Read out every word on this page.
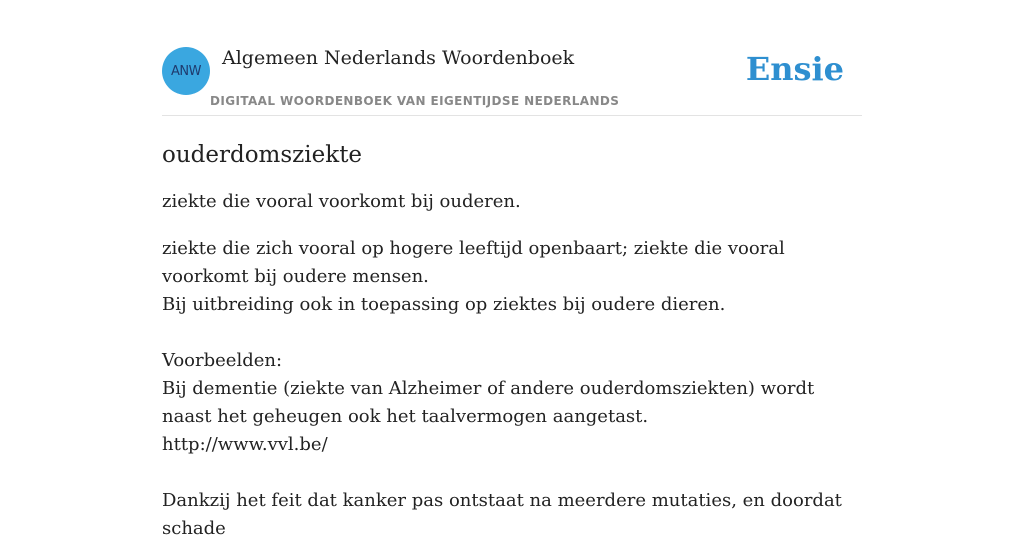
ANW
Algemeen Nederlands Woordenboek
DIGITAAL WOORDENBOEK VAN EIGENTIJDSE NEDERLANDS
Ensie
ouderdomsziekte
ziekte die vooral voorkomt bij ouderen.
ziekte die zich vooral op hogere leeftijd openbaart; ziekte die vooral voorkomt bij oudere mensen.
Bij uitbreiding ook in toepassing op ziektes bij oudere dieren.
Voorbeelden:
Bij dementie (ziekte van Alzheimer of andere ouderdomsziekten) wordt naast het geheugen ook het taalvermogen aangetast.
http://www.vvl.be/
Dankzij het feit dat kanker pas ontstaat na meerdere mutaties, en doordat schade
